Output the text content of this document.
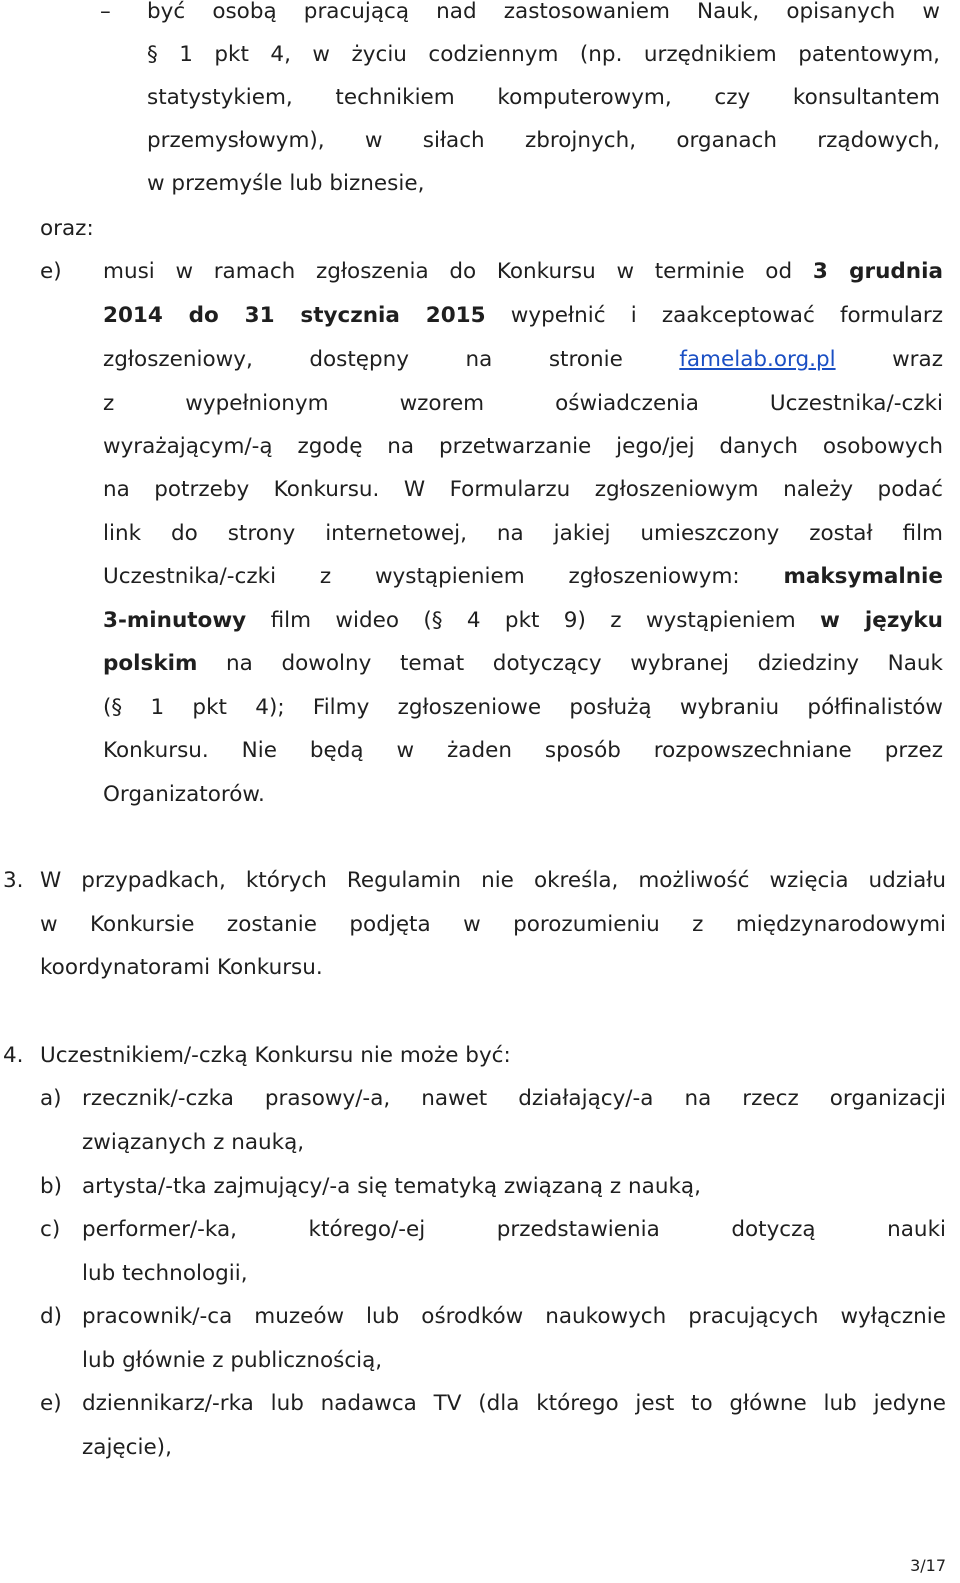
– być osobą pracującą nad zastosowaniem Nauk, opisanych w
§ 1 pkt 4, w życiu codziennym (np. urzędnikiem patentowym,
statystykiem, technikiem komputerowym, czy konsultantem
przemysłowym), w siłach zbrojnych, organach rządowych,
w przemyśle lub biznesie,
oraz:
e) musi w ramach zgłoszenia do Konkursu w terminie od 3 grudnia
2014 do 31 stycznia 2015 wypełnić i zaakceptować formularz
zgłoszeniowy, dostępny na stronie	famelab.org.pl	wraz
z wypełnionym wzorem oświadczenia Uczestnika/-czki
wyrażającym/-ą zgodę na przetwarzanie jego/jej danych osobowych
na potrzeby Konkursu. W Formularzu zgłoszeniowym należy podać
link do strony internetowej, na jakiej umieszczony został film
Uczestnika/-czki z wystąpieniem zgłoszeniowym: maksymalnie
3-minutowy film wideo (§ 4 pkt 9) z wystąpieniem w języku
polskim na dowolny temat dotyczący wybranej dziedziny Nauk
(§ 1 pkt 4); Filmy zgłoszeniowe posłużą wybraniu półfinalistów
Konkursu. Nie będą w żaden sposób rozpowszechniane przez
Organizatorów.
3. W przypadkach, których Regulamin nie określa, możliwość wzięcia udziału
w Konkursie zostanie podjęta w porozumieniu z międzynarodowymi
koordynatorami Konkursu.
4. Uczestnikiem/-czką Konkursu nie może być:
a) rzecznik/-czka prasowy/-a, nawet działający/-a na rzecz organizacji
związanych z nauką,
b) artysta/-tka zajmujący/-a się tematyką związaną z nauką,
c) performer/-ka, którego/-ej przedstawienia dotyczą nauki
lub technologii,
d) pracownik/-ca muzeów lub ośrodków naukowych pracujących wyłącznie
lub głównie z publicznością,
e) dziennikarz/-rka lub nadawca TV (dla którego jest to główne lub jedyne
zajęcie),
3/17
